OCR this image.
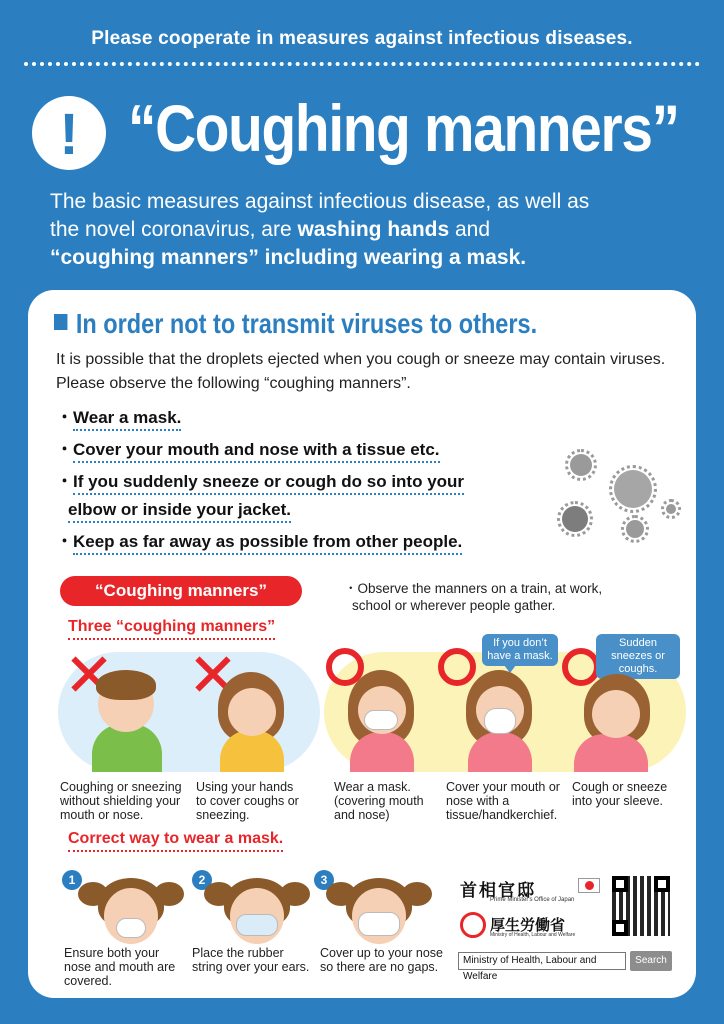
Please cooperate in measures against infectious diseases.
! “Coughing manners”
The basic measures against infectious disease, as well as
the novel coronavirus, are washing hands and
“coughing manners” including wearing a mask.
In order not to transmit viruses to others.
It is possible that the droplets ejected when you cough or sneeze may contain viruses. Please observe the following “coughing manners”.
・Wear a mask.
・Cover your mouth and nose with a tissue etc.
・If you suddenly sneeze or cough do so into your
elbow or inside your jacket.
・Keep as far away as possible from other people.
“Coughing manners”	・Observe the manners on a train, at work,
school or wherever people gather.
Three “coughing manners”
If you don’t have a mask.
Sudden sneezes or coughs.
Coughing or sneezing without shielding your mouth or nose.
Using your hands to cover coughs or sneezing.
Wear a mask. (covering mouth and nose)
Cover your mouth or nose with a tissue/handkerchief.
Cough or sneeze into your sleeve.
Correct way to wear a mask.
1	2	3
Ensure both your nose and mouth are covered.
Place the rubber string over your ears.
Cover up to your nose so there are no gaps.
首相官邸
Prime Minister's Office of Japan
厚生労働省
Ministry of Health, Labour and Welfare
Ministry of Health, Labour and Welfare
Search
